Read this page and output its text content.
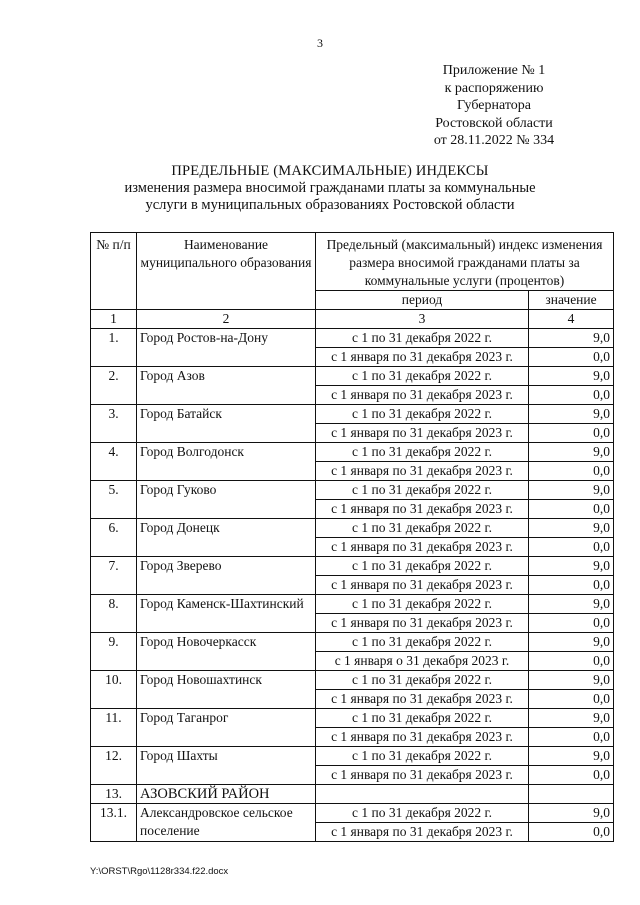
3
Приложение № 1
к распоряжению
Губернатора
Ростовской области
от 28.11.2022 № 334
ПРЕДЕЛЬНЫЕ (МАКСИМАЛЬНЫЕ) ИНДЕКСЫ
изменения размера вносимой гражданами платы за коммунальные
услуги в муниципальных образованиях Ростовской области
№ п/п	Наименование муниципального образования	Предельный (максимальный) индекс изменения размера вносимой гражданами платы за коммунальные услуги (процентов)	
		период	значение
1	2	3	4
1.	Город Ростов-на-Дону	с 1 по 31 декабря 2022 г.	9,0
		с 1 января по 31 декабря 2023 г.	0,0
2.	Город Азов	с 1 по 31 декабря 2022 г.	9,0
		с 1 января по 31 декабря 2023 г.	0,0
3.	Город Батайск	с 1 по 31 декабря 2022 г.	9,0
		с 1 января по 31 декабря 2023 г.	0,0
4.	Город Волгодонск	с 1 по 31 декабря 2022 г.	9,0
		с 1 января по 31 декабря 2023 г.	0,0
5.	Город Гуково	с 1 по 31 декабря 2022 г.	9,0
		с 1 января по 31 декабря 2023 г.	0,0
6.	Город Донецк	с 1 по 31 декабря 2022 г.	9,0
		с 1 января по 31 декабря 2023 г.	0,0
7.	Город Зверево	с 1 по 31 декабря 2022 г.	9,0
		с 1 января по 31 декабря 2023 г.	0,0
8.	Город Каменск-Шахтинский	с 1 по 31 декабря 2022 г.	9,0
		с 1 января по 31 декабря 2023 г.	0,0
9.	Город Новочеркасск	с 1 по 31 декабря 2022 г.	9,0
		с 1 января о 31 декабря 2023 г.	0,0
10.	Город Новошахтинск	с 1 по 31 декабря 2022 г.	9,0
		с 1 января по 31 декабря 2023 г.	0,0
11.	Город Таганрог	с 1 по 31 декабря 2022 г.	9,0
		с 1 января по 31 декабря 2023 г.	0,0
12.	Город Шахты	с 1 по 31 декабря 2022 г.	9,0
		с 1 января по 31 декабря 2023 г.	0,0
13.	АЗОВСКИЙ РАЙОН		
13.1.	Александровское сельское поселение	с 1 по 31 декабря 2022 г.	9,0
		с 1 января по 31 декабря 2023 г.	0,0
Y:\ORST\Rgo\1128r334.f22.docx
